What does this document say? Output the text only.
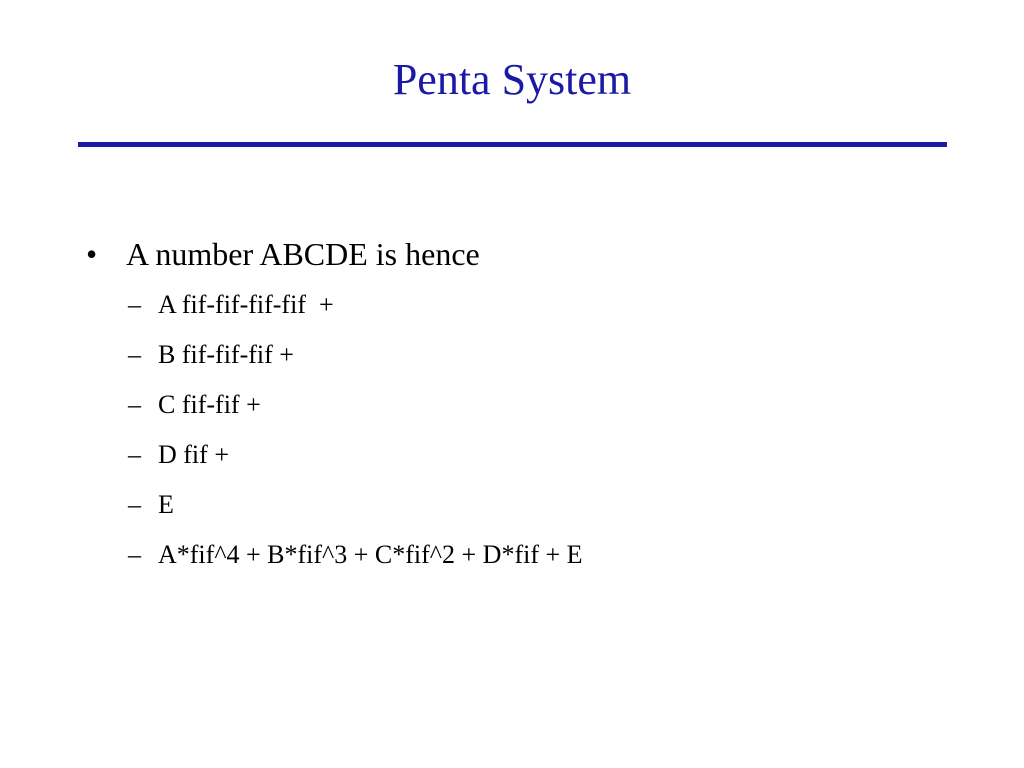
Penta System
• A number ABCDE is hence
– A fif-fif-fif-fif  +
– B fif-fif-fif +
– C fif-fif +
– D fif +
– E
– A*fif^4 + B*fif^3 + C*fif^2 + D*fif + E
